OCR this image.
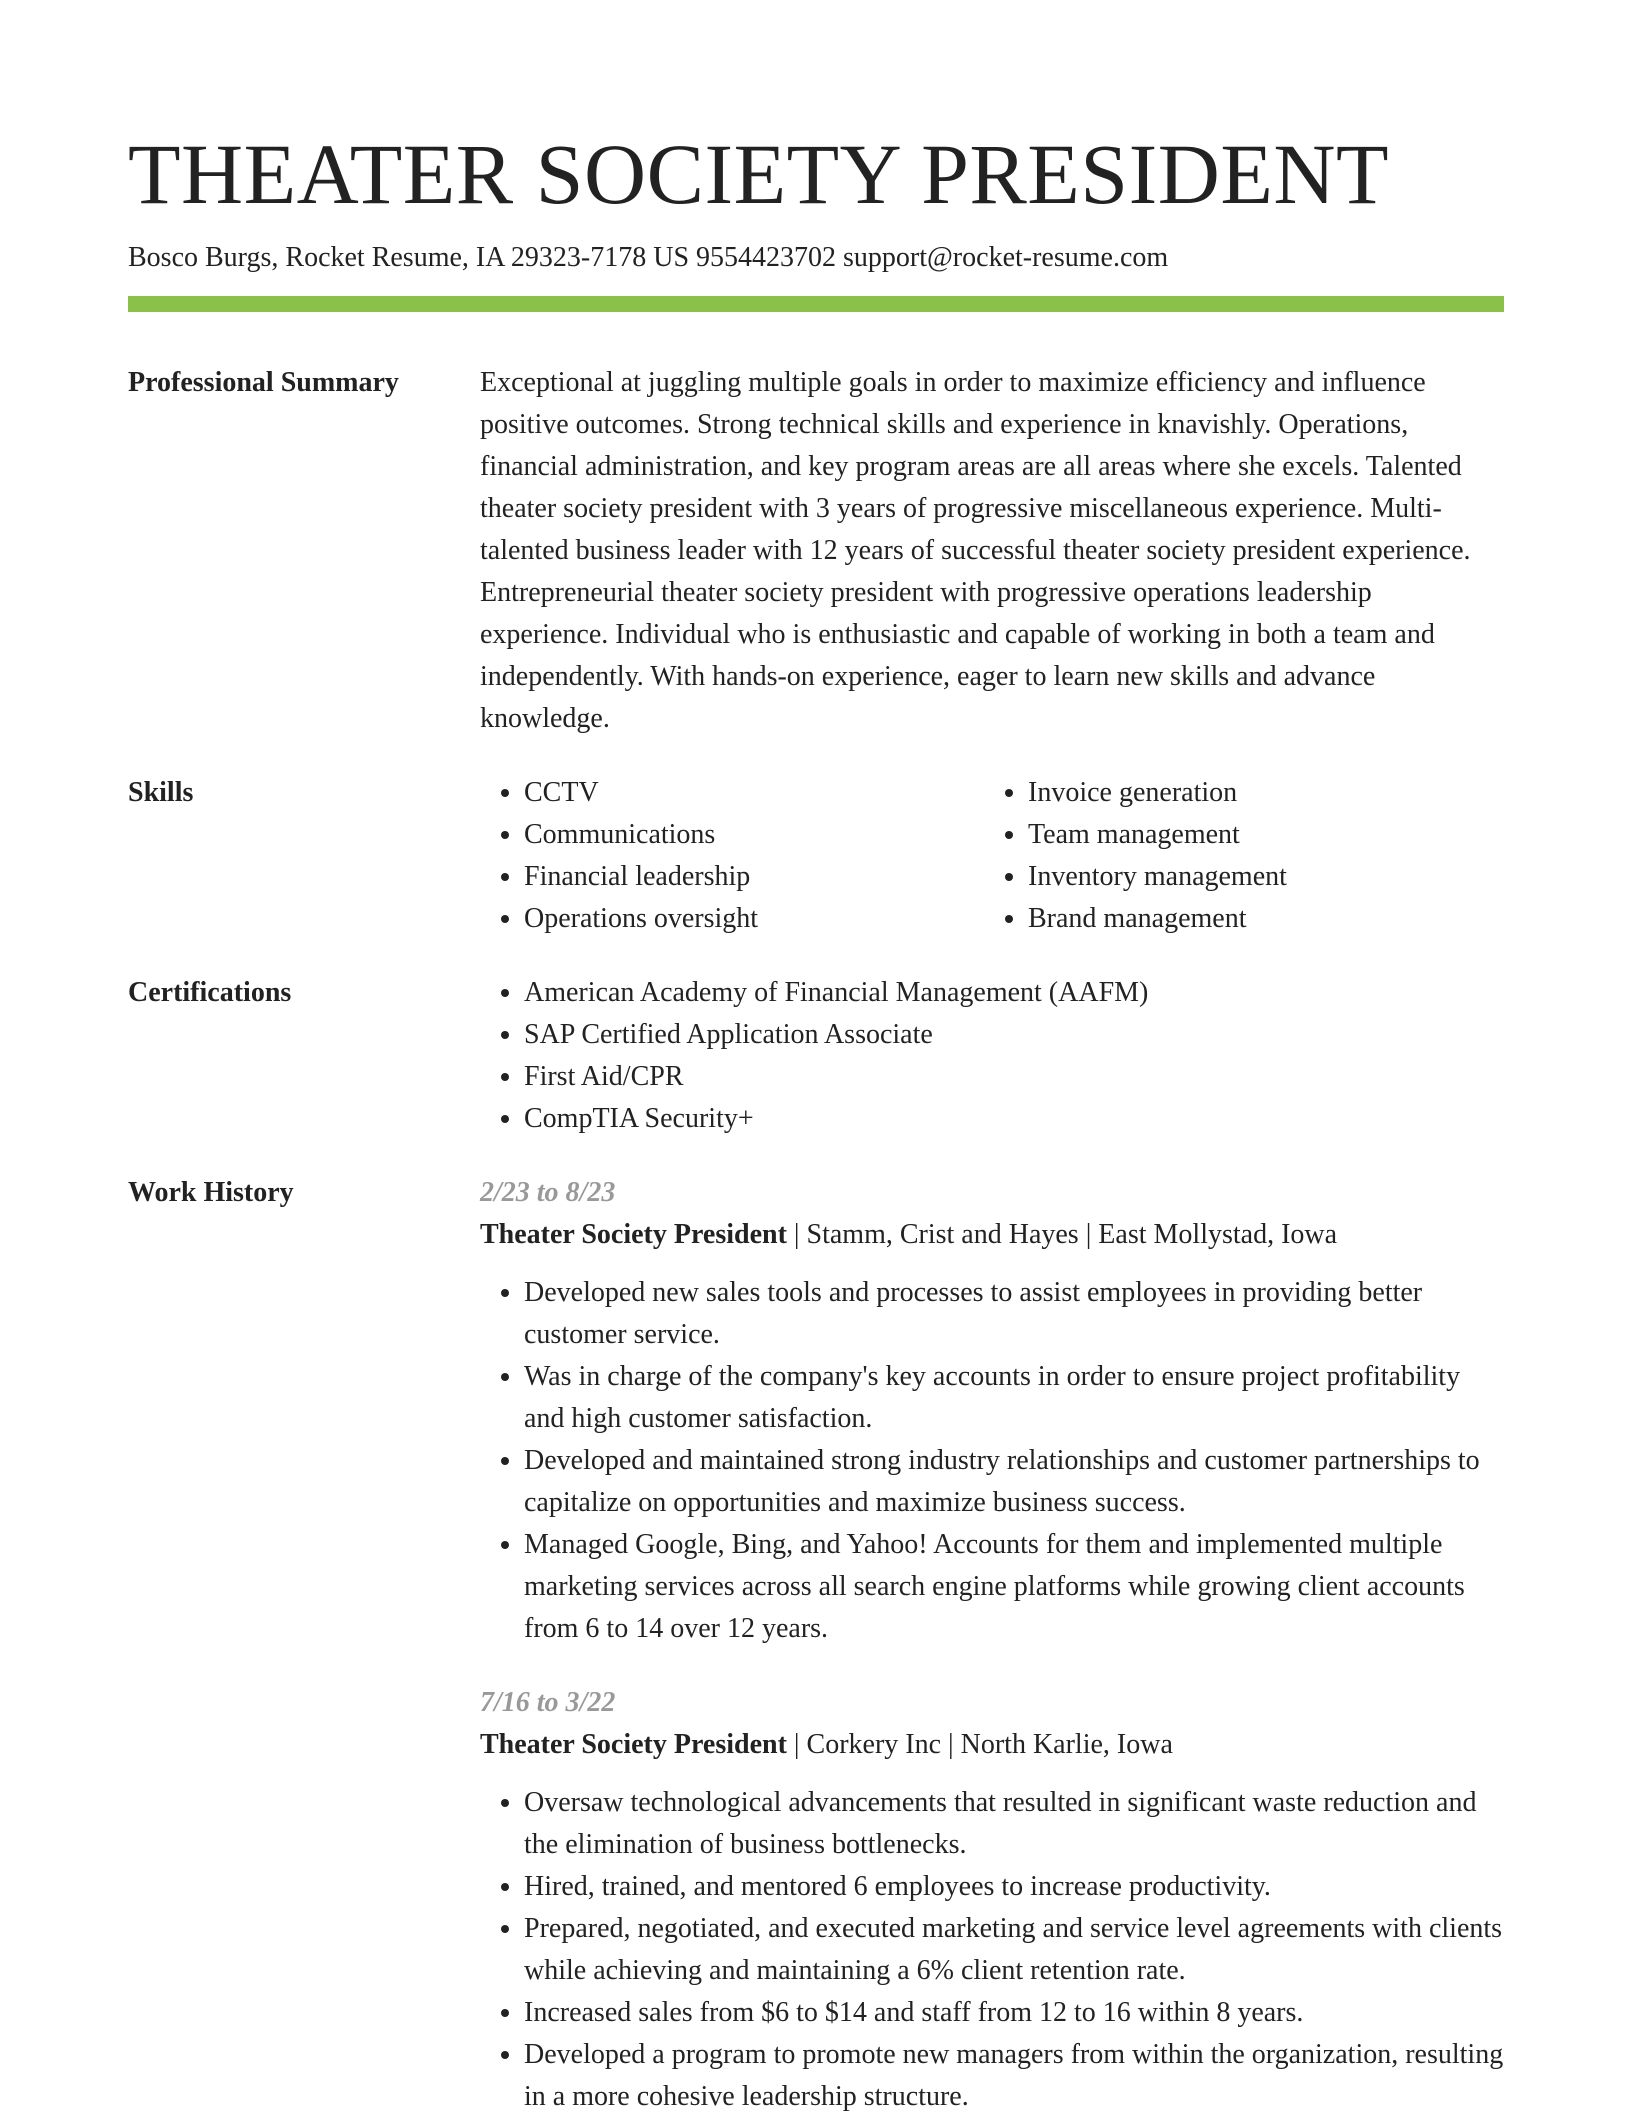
THEATER SOCIETY PRESIDENT
Bosco Burgs, Rocket Resume, IA 29323-7178 US 9554423702 support@rocket-resume.com
Professional Summary	Exceptional at juggling multiple goals in order to maximize efficiency and influence positive outcomes. Strong technical skills and experience in knavishly. Operations, financial administration, and key program areas are all areas where she excels. Talented theater society president with 3 years of progressive miscellaneous experience. Multi-talented business leader with 12 years of successful theater society president experience. Entrepreneurial theater society president with progressive operations leadership experience. Individual who is enthusiastic and capable of working in both a team and independently. With hands-on experience, eager to learn new skills and advance knowledge.

Skills	• CCTV
• Communications
• Financial leadership
• Operations oversight
• Invoice generation
• Team management
• Inventory management
• Brand management
Certifications	• American Academy of Financial Management (AAFM)
• SAP Certified Application Associate
• First Aid/CPR
• CompTIA Security+
Work History	2/23 to 8/23
Theater Society President | Stamm, Crist and Hayes | East Mollystad, Iowa
• Developed new sales tools and processes to assist employees in providing better customer service.
• Was in charge of the company's key accounts in order to ensure project profitability and high customer satisfaction.
• Developed and maintained strong industry relationships and customer partnerships to capitalize on opportunities and maximize business success.
• Managed Google, Bing, and Yahoo! Accounts for them and implemented multiple marketing services across all search engine platforms while growing client accounts from 6 to 14 over 12 years.
7/16 to 3/22
Theater Society President | Corkery Inc | North Karlie, Iowa
• Oversaw technological advancements that resulted in significant waste reduction and the elimination of business bottlenecks.
• Hired, trained, and mentored 6 employees to increase productivity.
• Prepared, negotiated, and executed marketing and service level agreements with clients while achieving and maintaining a 6% client retention rate.
• Increased sales from $6 to $14 and staff from 12 to 16 within 8 years.
• Developed a program to promote new managers from within the organization, resulting in a more cohesive leadership structure.
